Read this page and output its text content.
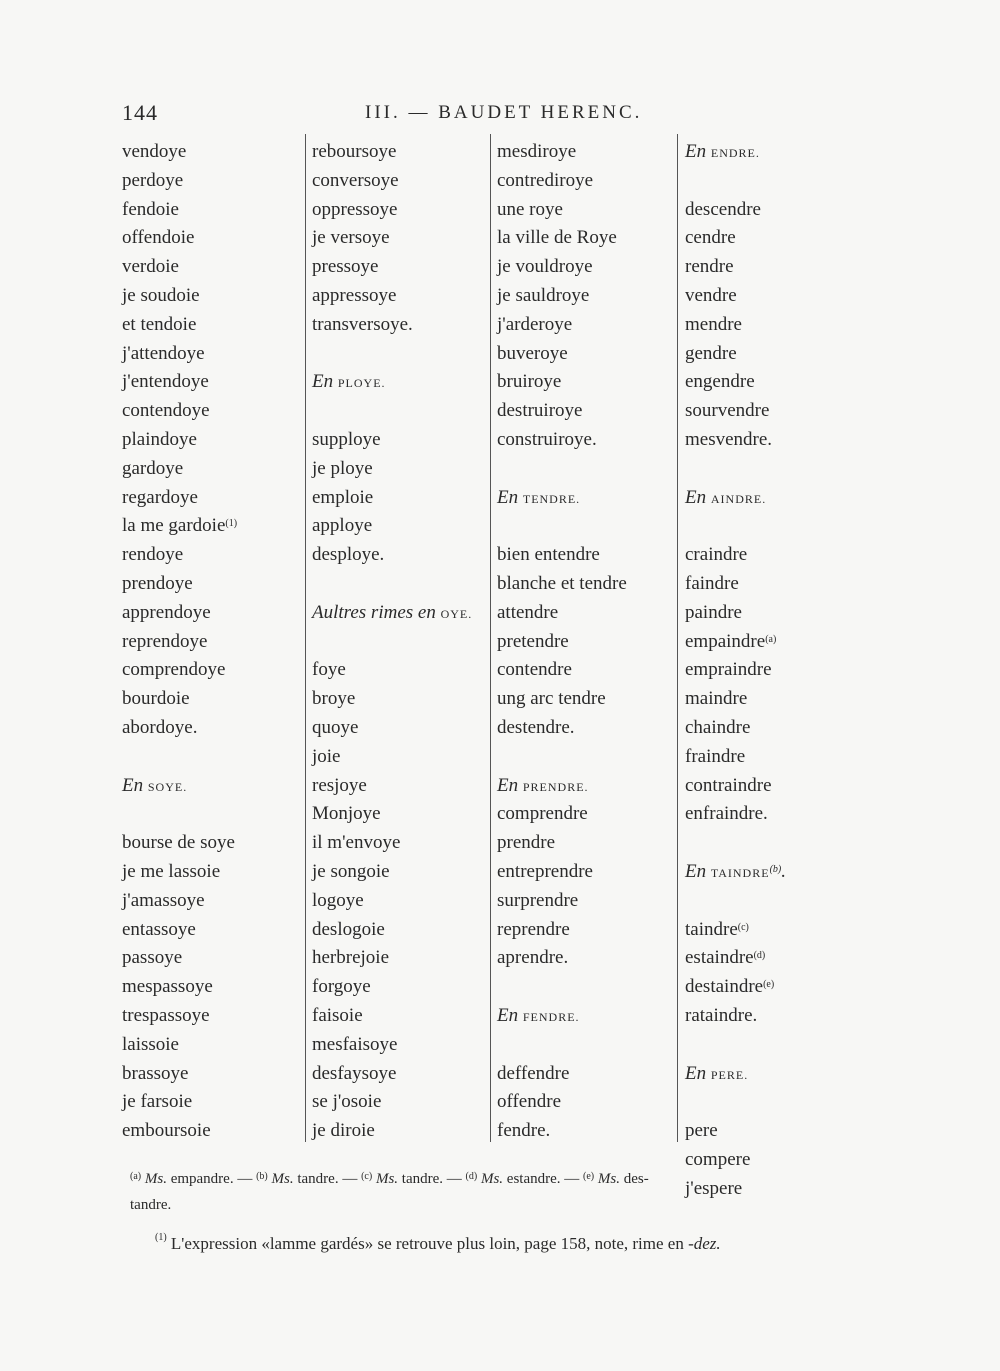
144	III. — BAUDET HERENC.
vendoye
perdoye
fendoie
offendoie
verdoie
je soudoie
et tendoie
j'attendoye
j'entendoye
contendoye
plaindoye
gardoye
regardoye
la me gardoie$^{(1)}$
rendoye
prendoye
apprendoye
reprendoye
comprendoye
bourdoie
abordoye.
En SOYE.
bourse de soye
je me lassoie
j'amassoye
entassoye
passoye
mespassoye
trespassoye
laissoie
brassoye
je farsoie
emboursoie
reboursoye
conversoye
oppressoye
je versoye
pressoye
appressoye
transversoye.
En PLOYE.
supploye
je ploye
emploie
apploye
desploye.
Aultres rimes en OYE.
foye
broye
quoye
joie
resjoye
Monjoye
il m'envoye
je songoie
logoye
deslogoie
herbrejoie
forgoye
faisoie
mesfaisoye
desfaysoye
se j'osoie
je diroie
mesdiroye
contrediroye
une roye
la ville de Roye
je vouldroye
je sauldroye
j'arderoye
buveroye
bruiroye
destruiroye
construiroye.
En TENDRE.
bien entendre
blanche et tendre
attendre
pretendre
contendre
ung arc tendre
destendre.
En PRENDRE.
comprendre
prendre
entreprendre
surprendre
reprendre
aprendre.
En FENDRE.
deffendre
offendre
fendre.
En ENDRE.
descendre
cendre
rendre
vendre
mendre
gendre
engendre
sourvendre
mesvendre.
En AINDRE.
craindre
faindre
paindre
empaindre$^{(a)}$
empraindre
maindre
chaindre
fraindre
contraindre
enfraindre.
En TAINDRE$^{(b)}$.
taindre$^{(c)}$
estaindre$^{(d)}$
destaindre$^{(e)}$
rataindre.
En PERE.
pere
compere
j'espere
$^{(a)}$ Ms. empandre. — $^{(b)}$ Ms. tandre. — $^{(c)}$ Ms. tandre. — $^{(d)}$ Ms. estandre. — $^{(e)}$ Ms. des-
tandre.
$^{(1)}$ L'expression «lamme gardés» se retrouve plus loin, page 158, note, rime en -dez.
